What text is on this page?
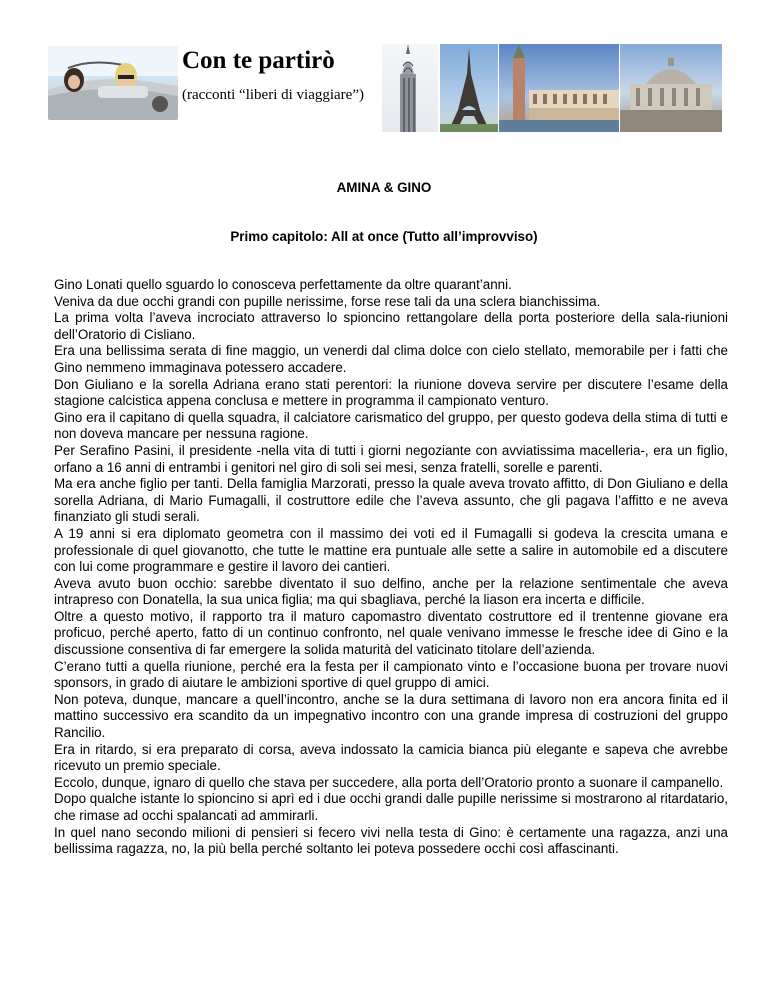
Con te partirò

(racconti “liberi di viaggiare”)

AMINA & GINO
Primo capitolo: All at once (Tutto all’improvviso)

Gino Lonati quello sguardo lo conosceva perfettamente da oltre quarant’anni.

Veniva da due occhi grandi con pupille nerissime, forse rese tali da una sclera bianchissima.

La prima volta l’aveva incrociato attraverso lo spioncino rettangolare della porta posteriore della sala-riunioni dell’Oratorio di Cisliano.

Era una bellissima serata di fine maggio, un venerdi dal clima dolce con cielo stellato, memorabile per i fatti che Gino nemmeno immaginava potessero accadere.

Don Giuliano e la sorella Adriana erano stati perentori: la riunione doveva servire per discutere l’esame della stagione calcistica appena conclusa e mettere in programma il campionato venturo.

Gino era il capitano di quella squadra, il calciatore carismatico del gruppo, per questo godeva della stima di tutti e non doveva mancare per nessuna ragione.

Per Serafino Pasini, il presidente -nella vita di tutti i giorni negoziante con avviatissima macelleria-, era un figlio, orfano a 16 anni di entrambi i genitori nel giro di soli sei mesi, senza fratelli, sorelle e parenti.

Ma era anche figlio per tanti. Della famiglia Marzorati, presso la quale aveva trovato affitto, di Don Giuliano e della sorella Adriana, di Mario Fumagalli, il costruttore edile che l’aveva assunto, che gli pagava l’affitto e ne aveva finanziato gli studi serali.

A 19 anni si era diplomato geometra con il massimo dei voti ed il Fumagalli si godeva la crescita umana e professionale di quel giovanotto, che tutte le mattine era puntuale alle sette a salire in automobile ed a discutere con lui come programmare e gestire il lavoro dei cantieri.

Aveva avuto buon occhio: sarebbe diventato il suo delfino, anche per la relazione sentimentale che aveva intrapreso con Donatella, la sua unica figlia; ma qui sbagliava, perché la liason era incerta e difficile.

Oltre a questo motivo, il rapporto tra il maturo capomastro diventato costruttore ed il trentenne giovane era proficuo, perché aperto, fatto di un continuo confronto, nel quale venivano immesse le fresche idee di Gino e la discussione consentiva di far emergere la solida maturità del vaticinato titolare dell’azienda.

C’erano tutti a quella riunione, perché era la festa per il campionato vinto e l’occasione buona per trovare nuovi sponsors, in grado di aiutare le ambizioni sportive di quel gruppo di amici.

Non poteva, dunque, mancare a quell’incontro, anche se la dura settimana di lavoro non era ancora finita ed il mattino successivo era scandito da un impegnativo incontro con una grande impresa di costruzioni del gruppo Rancilio.

Era in ritardo, si era preparato di corsa, aveva indossato la camicia bianca più elegante e sapeva che avrebbe ricevuto un premio speciale.

Eccolo, dunque, ignaro di quello che stava per succedere, alla porta dell’Oratorio pronto a suonare il campanello.

Dopo qualche istante lo spioncino si aprì ed i due occhi grandi dalle pupille nerissime si mostrarono al ritardatario, che rimase ad occhi spalancati ad ammirarli.

In quel nano secondo milioni di pensieri si fecero vivi nella testa di Gino: è certamente una ragazza, anzi una bellissima ragazza, no, la più bella perché soltanto lei poteva possedere occhi così affascinanti.
